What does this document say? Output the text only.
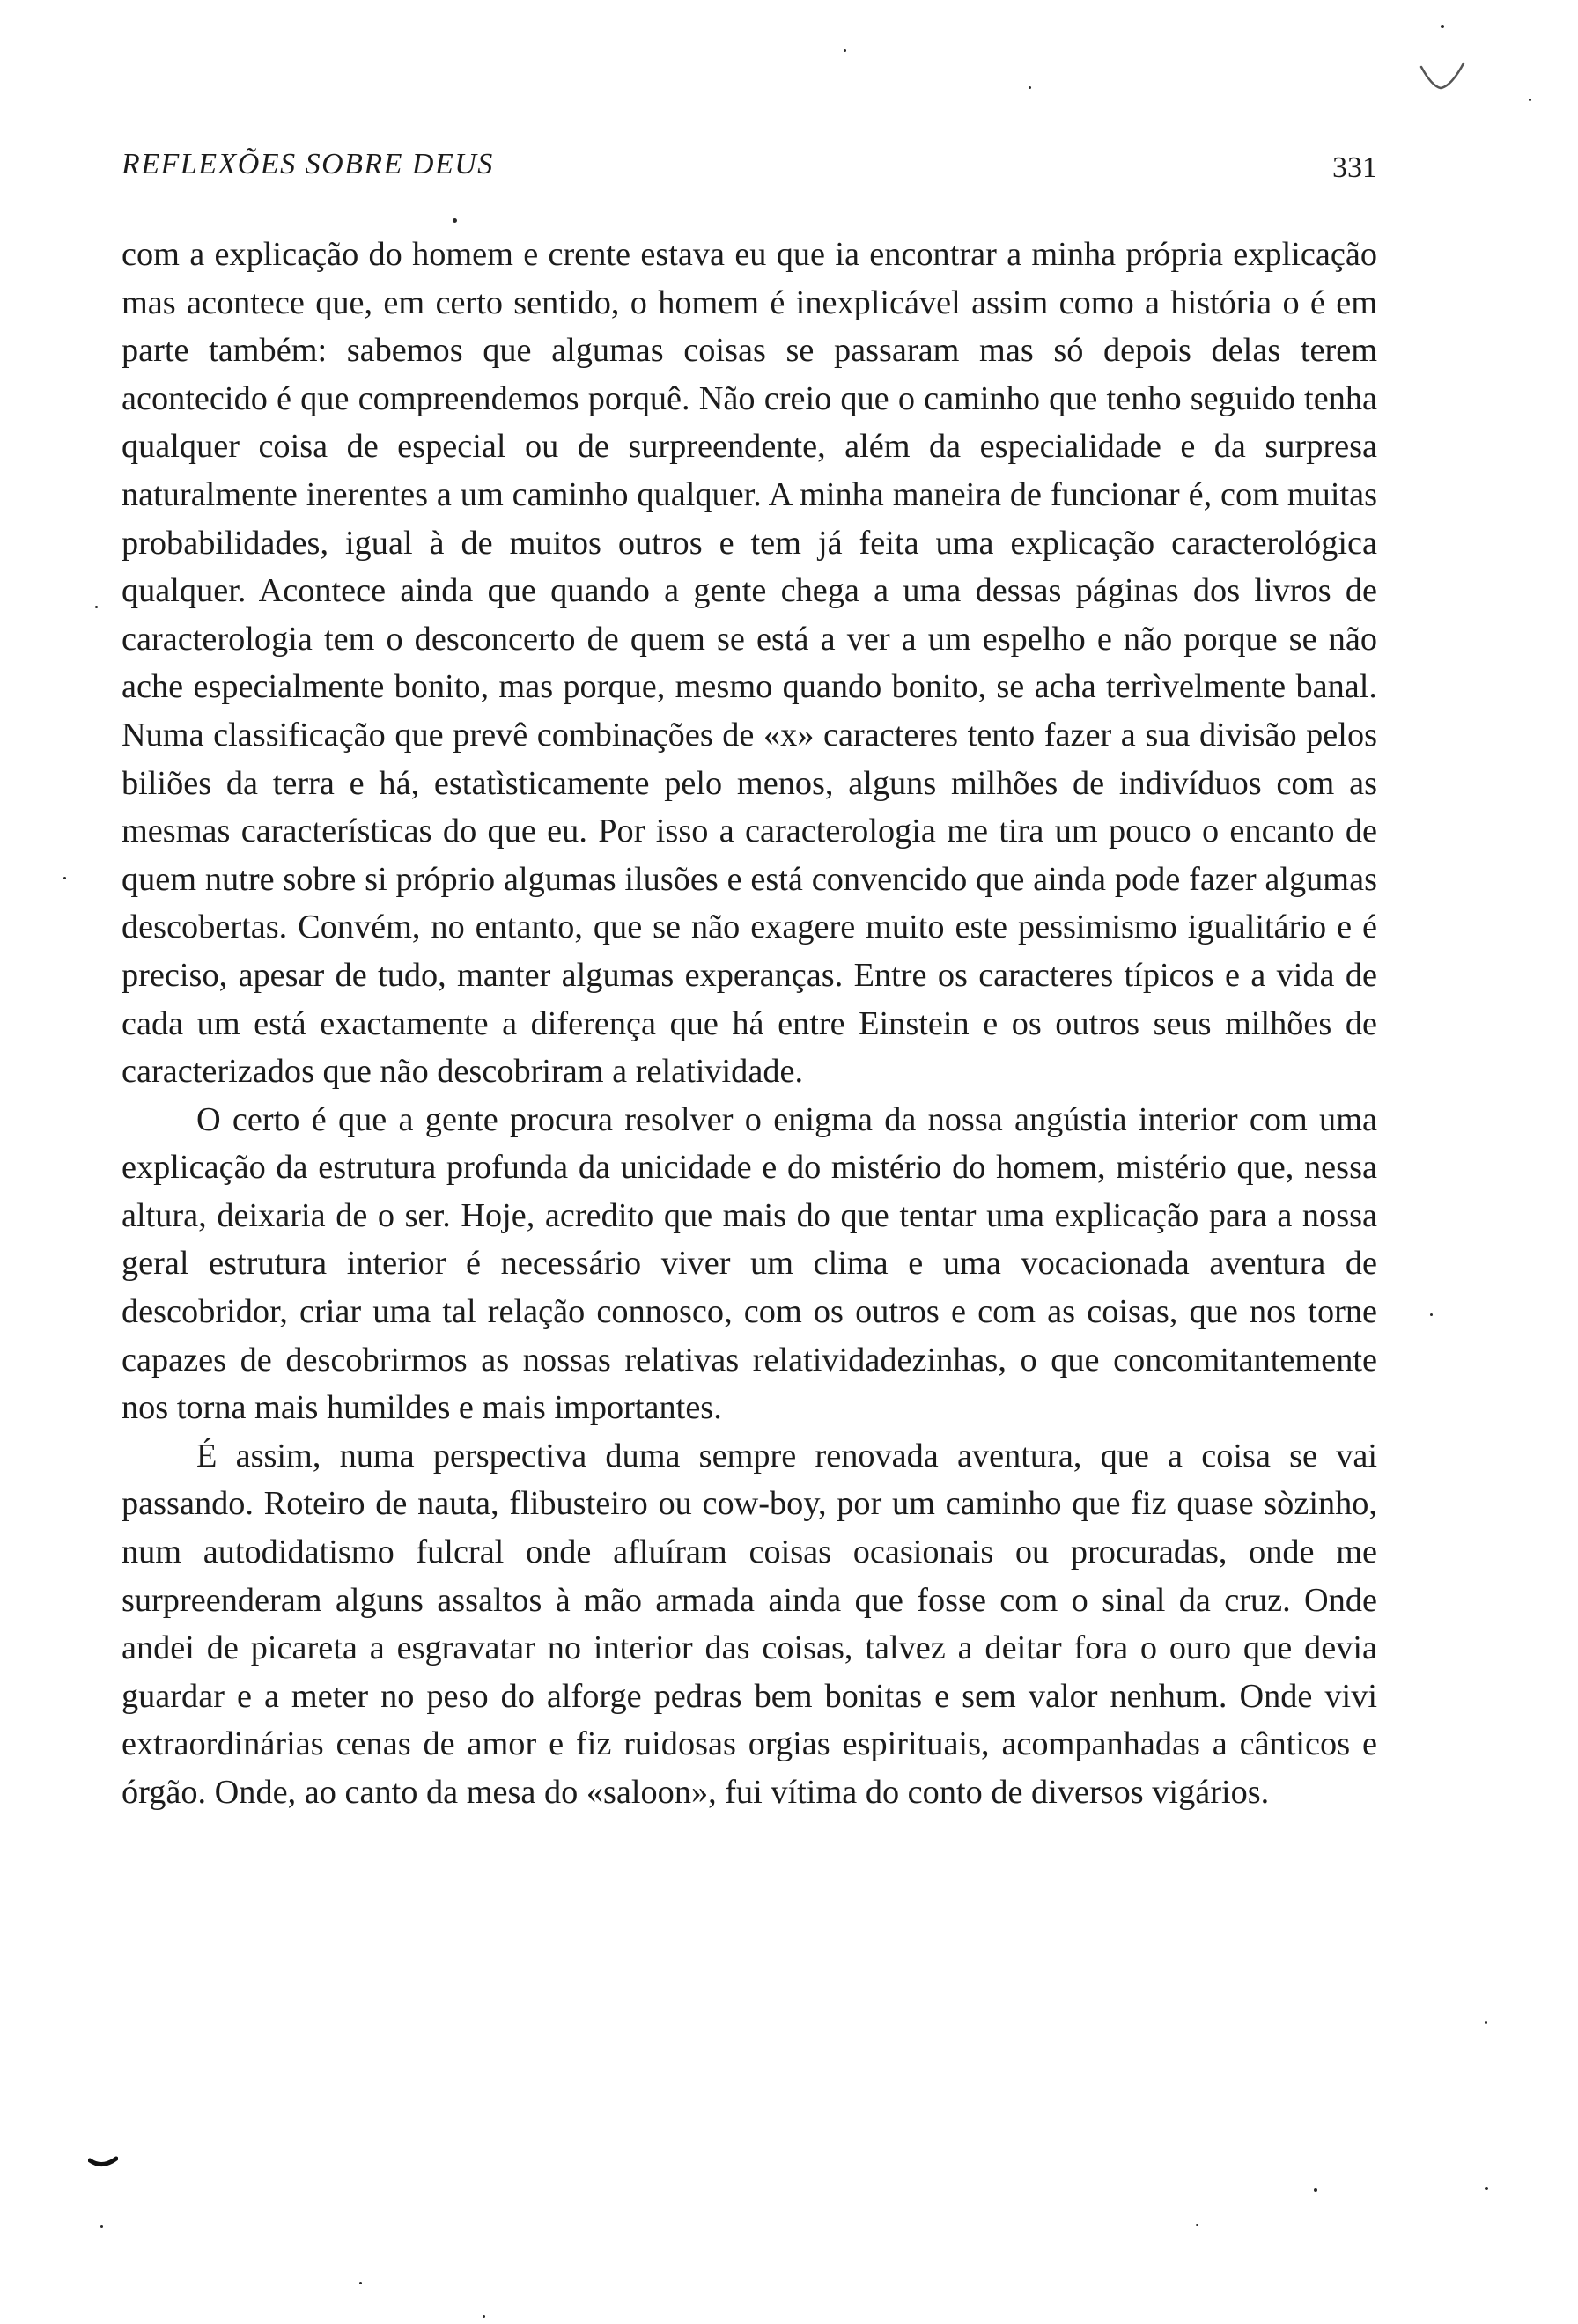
REFLEXÕES SOBRE DEUS	331

com a explicação do homem e crente estava eu que ia encontrar a minha própria explicação mas acontece que, em certo sentido, o homem é inexplicável assim como a história o é em parte também: sabemos que algumas coisas se passaram mas só depois delas terem acontecido é que compreendemos porquê. Não creio que o caminho que tenho seguido tenha qualquer coisa de especial ou de surpreendente, além da especialidade e da surpresa naturalmente inerentes a um caminho qualquer. A minha maneira de funcionar é, com muitas probabilidades, igual à de muitos outros e tem já feita uma explicação caracterológica qualquer. Acontece ainda que quando a gente chega a uma dessas páginas dos livros de caracterologia tem o desconcerto de quem se está a ver a um espelho e não porque se não ache especialmente bonito, mas porque, mesmo quando bonito, se acha terrìvelmente banal. Numa classificação que prevê combinações de «x» caracteres tento fazer a sua divisão pelos biliões da terra e há, estatìsticamente pelo menos, alguns milhões de indivíduos com as mesmas características do que eu. Por isso a caracterologia me tira um pouco o encanto de quem nutre sobre si próprio algumas ilusões e está convencido que ainda pode fazer algumas descobertas. Convém, no entanto, que se não exagere muito este pessimismo igualitário e é preciso, apesar de tudo, manter algumas experanças. Entre os caracteres típicos e a vida de cada um está exactamente a diferença que há entre Einstein e os outros seus milhões de caracterizados que não descobriram a relatividade.

O certo é que a gente procura resolver o enigma da nossa angústia interior com uma explicação da estrutura profunda da unicidade e do mistério do homem, mistério que, nessa altura, deixaria de o ser. Hoje, acredito que mais do que tentar uma explicação para a nossa geral estrutura interior é necessário viver um clima e uma vocacionada aventura de descobridor, criar uma tal relação connosco, com os outros e com as coisas, que nos torne capazes de descobrirmos as nossas relativas relatividadezinhas, o que concomitantemente nos torna mais humildes e mais importantes.

É assim, numa perspectiva duma sempre renovada aventura, que a coisa se vai passando. Roteiro de nauta, flibusteiro ou cow-boy, por um caminho que fiz quase sòzinho, num autodidatismo fulcral onde afluíram coisas ocasionais ou procuradas, onde me surpreenderam alguns assaltos à mão armada ainda que fosse com o sinal da cruz. Onde andei de picareta a esgravatar no interior das coisas, talvez a deitar fora o ouro que devia guardar e a meter no peso do alforge pedras bem bonitas e sem valor nenhum. Onde vivi extraordinárias cenas de amor e fiz ruidosas orgias espirituais, acompanhadas a cânticos e órgão. Onde, ao canto da mesa do «saloon», fui vítima do conto de diversos vigários.
